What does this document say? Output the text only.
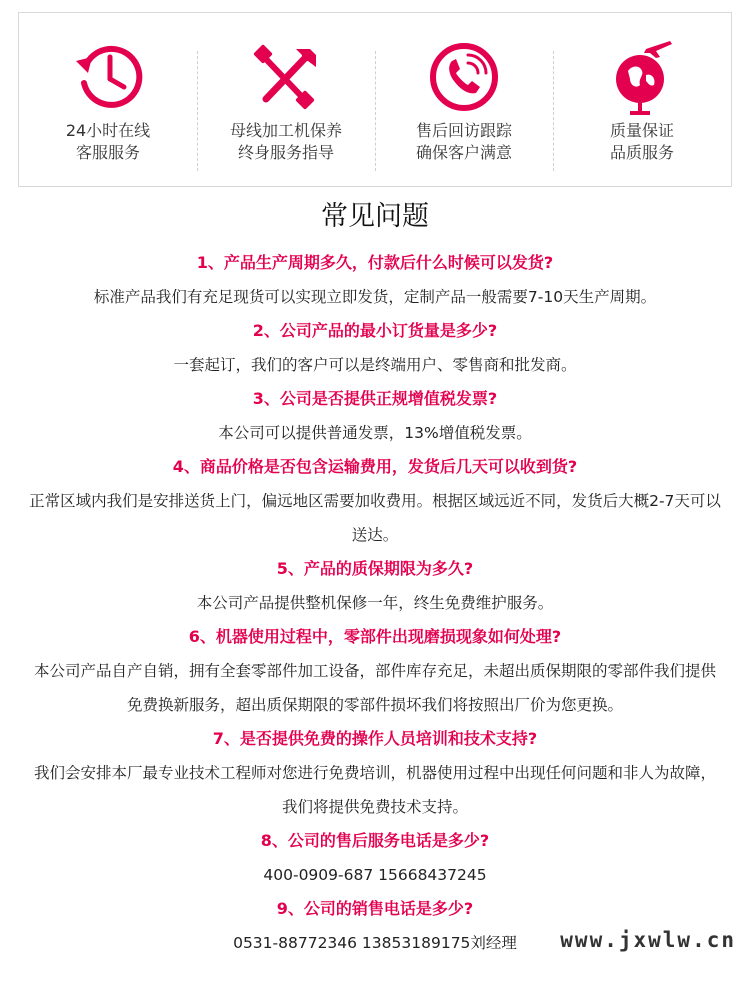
24小时在线
客服服务
母线加工机保养
终身服务指导
售后回访跟踪
确保客户满意
质量保证
品质服务
常见问题

1、产品生产周期多久，付款后什么时候可以发货?

标准产品我们有充足现货可以实现立即发货，定制产品一般需要7-10天生产周期。

2、公司产品的最小订货量是多少?

一套起订，我们的客户可以是终端用户、零售商和批发商。

3、公司是否提供正规增值税发票?

本公司可以提供普通发票，13%增值税发票。

4、商品价格是否包含运输费用，发货后几天可以收到货?

正常区域内我们是安排送货上门，偏远地区需要加收费用。根据区域远近不同，发货后大概2-7天可以送达。

5、产品的质保期限为多久?

本公司产品提供整机保修一年，终生免费维护服务。

6、机器使用过程中，零部件出现磨损现象如何处理?

本公司产品自产自销，拥有全套零部件加工设备，部件库存充足，未超出质保期限的零部件我们提供免费换新服务，超出质保期限的零部件损坏我们将按照出厂价为您更换。

7、是否提供免费的操作人员培训和技术支持?

我们会安排本厂最专业技术工程师对您进行免费培训，机器使用过程中出现任何问题和非人为故障，我们将提供免费技术支持。

8、公司的售后服务电话是多少?

400-0909-687 15668437245

9、公司的销售电话是多少?

0531-88772346 13853189175刘经理	www.jxwlw.cn
